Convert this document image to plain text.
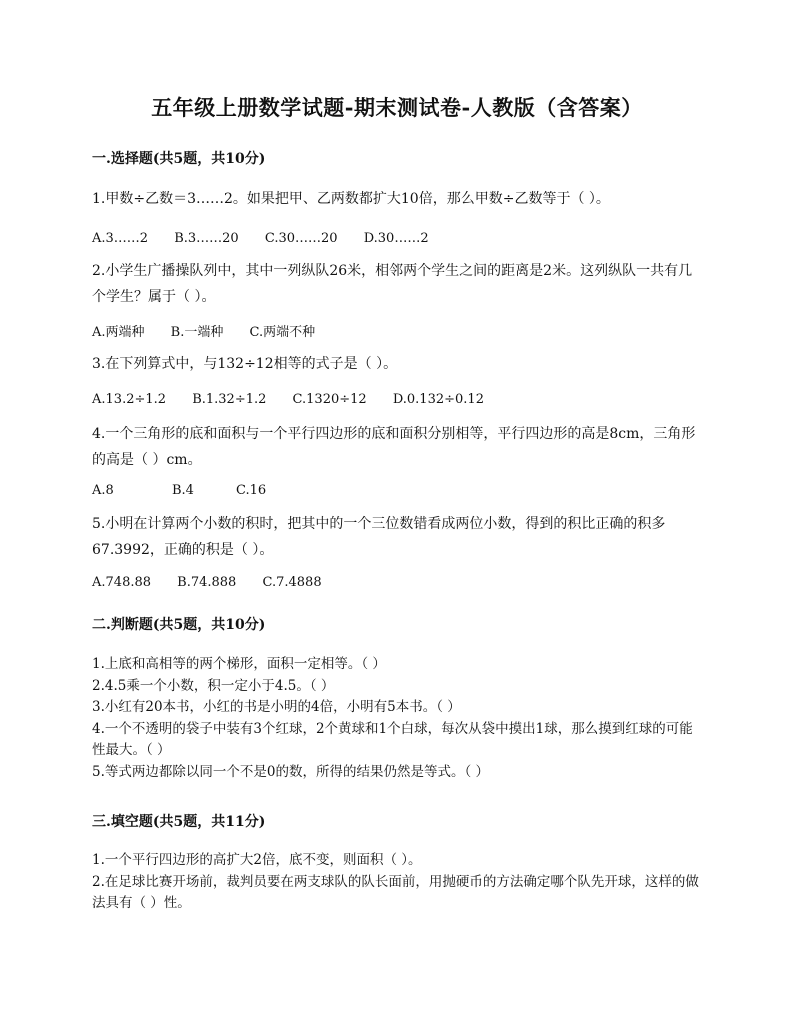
五年级上册数学试题-期末测试卷-人教版（含答案）
一.选择题(共5题，共10分)
1.甲数÷乙数＝3……2。如果把甲、乙两数都扩大10倍，那么甲数÷乙数等于（ ）。
A.3……2 B.3……20 C.30……20 D.30……2
2.小学生广播操队列中，其中一列纵队26米，相邻两个学生之间的距离是2米。这列纵队一共有几个学生？属于（ ）。
A.两端种 B.一端种 C.两端不种
3.在下列算式中，与132÷12相等的式子是（ ）。
A.13.2÷1.2 B.1.32÷1.2 C.1320÷12 D.0.132÷0.12
4.一个三角形的底和面积与一个平行四边形的底和面积分别相等，平行四边形的高是8cm，三角形的高是（ ）cm。
A.8	B.4	C.16
5.小明在计算两个小数的积时，把其中的一个三位数错看成两位小数，得到的积比正确的积多67.3992，正确的积是（ ）。
A.748.88 B.74.888 C.7.4888
二.判断题(共5题，共10分)
1.上底和高相等的两个梯形，面积一定相等。（ ）
2.4.5乘一个小数，积一定小于4.5。（ ）
3.小红有20本书，小红的书是小明的4倍，小明有5本书。（ ）
4.一个不透明的袋子中装有3个红球，2个黄球和1个白球，每次从袋中摸出1球，那么摸到红球的可能性最大。（ ）
5.等式两边都除以同一个不是0的数，所得的结果仍然是等式。（ ）
三.填空题(共5题，共11分)
1.一个平行四边形的高扩大2倍，底不变，则面积（ ）。
2.在足球比赛开场前，裁判员要在两支球队的队长面前，用抛硬币的方法确定哪个队先开球，这样的做法具有（ ）性。
